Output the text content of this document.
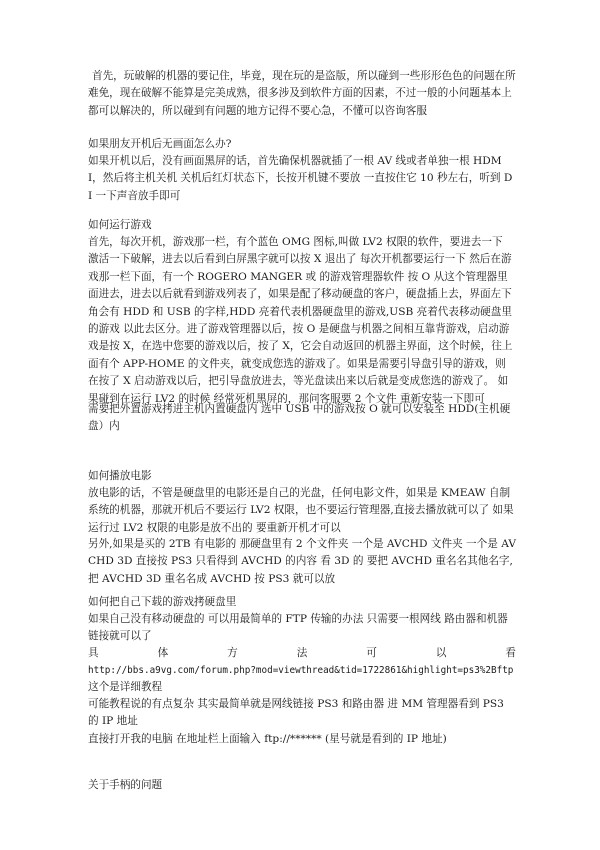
首先，玩破解的机器的要记住，毕竟，现在玩的是盗版，所以碰到一些形形色色的问题在所难免，现在破解不能算是完美成熟，很多涉及到软件方面的因素，不过一般的小问题基本上都可以解决的，所以碰到有问题的地方记得不要心急，不懂可以咨询客服

如果朋友开机后无画面怎么办?

如果开机以后，没有画面黑屏的话，首先确保机器就插了一根 AV 线或者单独一根 HDMI，然后将主机关机 关机后红灯状态下，长按开机键不要放 一直按住它 10 秒左右，听到 DI 一下声音放手即可

如何运行游戏

首先，每次开机，游戏那一栏，有个蓝色 OMG 图标,叫做 LV2 权限的软件，要进去一下 激活一下破解，进去以后看到白屏黑字就可以按 X 退出了 每次开机都要运行一下 然后在游戏那一栏下面，有一个 ROGERO MANGER 或 的游戏管理器软件 按 O 从这个管理器里面进去，进去以后就看到游戏列表了，如果是配了移动硬盘的客户，硬盘插上去，界面左下角会有 HDD 和 USB 的字样,HDD 亮着代表机器硬盘里的游戏,USB 亮着代表移动硬盘里的游戏 以此去区分。进了游戏管理器以后，按 O 是硬盘与机器之间相互靠背游戏，启动游戏是按 X，在选中您要的游戏以后，按了 X，它会自动返回的机器主界面，这个时候，往上面有个 APP-HOME 的文件夹，就变成您选的游戏了。如果是需要引导盘引导的游戏，则在按了 X 启动游戏以后，把引导盘放进去，等光盘读出来以后就是变成您选的游戏了。 如果碰到在运行 LV2 的时候 经常死机黑屏的，那问客服要 2 个文件 重新安装一下即可

需要把外置游戏拷进主机内置硬盘内 选中 USB 中的游戏按 O 就可以安装至 HDD(主机硬盘）内

如何播放电影

放电影的话，不管是硬盘里的电影还是自己的光盘，任何电影文件，如果是 KMEAW 自制系统的机器，那就开机后不要运行 LV2 权限，也不要运行管理器,直接去播放就可以了 如果运行过 LV2 权限的电影是放不出的 要重新开机才可以

另外,如果是买的 2TB 有电影的 那硬盘里有 2 个文件夹 一个是 AVCHD 文件夹 一个是 AVCHD 3D 直接按 PS3 只看得到 AVCHD 的内容 看 3D 的 要把 AVCHD 重名名其他名字,把 AVCHD 3D 重名名成 AVCHD 按 PS3 就可以放

如何把自己下载的游戏拷硬盘里

如果自己没有移动硬盘的 可以用最简单的 FTP 传输的办法 只需要一根网线 路由器和机器链接就可以了

具	体	方	法	可	以	看

http://bbs.a9vg.com/forum.php?mod=viewthread&tid=1722861&highlight=ps3%2Bftp 这个是详细教程

可能教程说的有点复杂 其实最简单就是网线链接 PS3 和路由器 进 MM 管理器看到 PS3 的 IP 地址

直接打开我的电脑 在地址栏上面输入 ftp://****** (星号就是看到的 IP 地址)

关于手柄的问题
